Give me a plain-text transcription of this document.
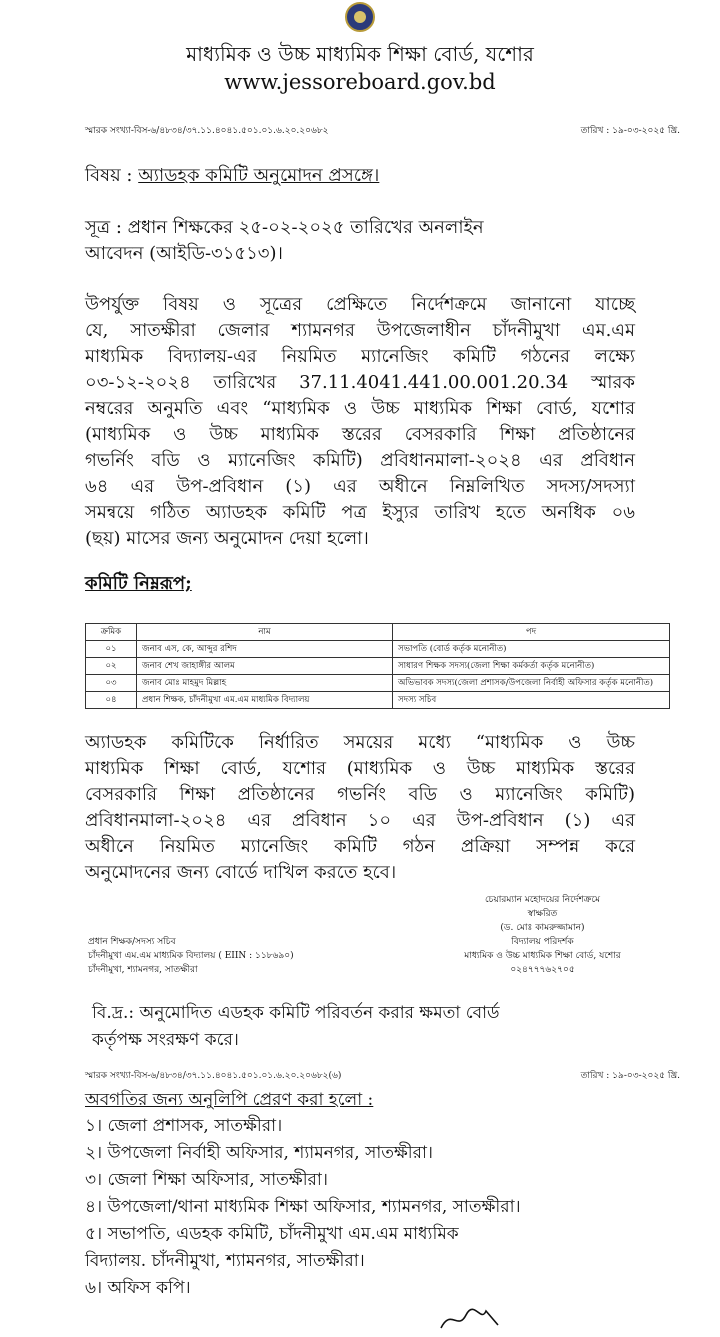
মাধ্যমিক ও উচ্চ মাধ্যমিক শিক্ষা বোর্ড, যশোর
www.jessoreboard.gov.bd
স্মারক সংখ্যা-বিস-৬/৪৮৩৪/৩৭.১১.৪০৪১.৫০১.০১.৬.২০.২০৬৮২	তারিখ : ১৯-০৩-২০২৫ খ্রি.
বিষয় : অ্যাডহক কমিটি অনুমোদন প্রসঙ্গে।
সূত্র : প্রধান শিক্ষকের ২৫-০২-২০২৫ তারিখের অনলাইন
আবেদন (আইডি-৩১৫১৩)।
উপর্যুক্ত বিষয় ও সূত্রের প্রেক্ষিতে নির্দেশক্রমে জানানো যাচ্ছে
যে, সাতক্ষীরা জেলার শ্যামনগর উপজেলাধীন চাঁদনীমুখা এম.এম
মাধ্যমিক বিদ্যালয়-এর নিয়মিত ম্যানেজিং কমিটি গঠনের লক্ষ্যে
০৩-১২-২০২৪ তারিখের 37.11.4041.441.00.001.20.34 স্মারক
নম্বরের অনুমতি এবং “মাধ্যমিক ও উচ্চ মাধ্যমিক শিক্ষা বোর্ড, যশোর
(মাধ্যমিক ও উচ্চ মাধ্যমিক স্তরের বেসরকারি শিক্ষা প্রতিষ্ঠানের
গভর্নিং বডি ও ম্যানেজিং কমিটি) প্রবিধানমালা-২০২৪ এর প্রবিধান
৬৪ এর উপ-প্রবিধান (১) এর অধীনে নিম্নলিখিত সদস্য/সদস্যা
সমন্বয়ে গঠিত অ্যাডহক কমিটি পত্র ইস্যুর তারিখ হতে অনধিক ০৬
(ছয়) মাসের জন্য অনুমোদন দেয়া হলো।
কমিটি নিম্নরূপ;
ক্রমিক	নাম	পদ
০১	জনাব এস, কে, আব্দুর রশিদ	সভাপতি (বোর্ড কর্তৃক মনোনীত)
০২	জনাব শেখ জাহাঙ্গীর আলম	সাধারণ শিক্ষক সদস্য(জেলা শিক্ষা কর্মকর্তা কর্তৃক মনোনীত)
০৩	জনাব মোঃ মাহমুদ মিল্লাহ	অভিভাবক সদস্য(জেলা প্রশাসক/উপজেলা নির্বাহী অফিসার কর্তৃক মনোনীত)
০৪	প্রধান শিক্ষক, চাঁদনীমুখা এম.এম মাধ্যমিক বিদ্যালয়	সদস্য সচিব
অ্যাডহক কমিটিকে নির্ধারিত সময়ের মধ্যে “মাধ্যমিক ও উচ্চ
মাধ্যমিক শিক্ষা বোর্ড, যশোর (মাধ্যমিক ও উচ্চ মাধ্যমিক স্তরের
বেসরকারি শিক্ষা প্রতিষ্ঠানের গভর্নিং বডি ও ম্যানেজিং কমিটি)
প্রবিধানমালা-২০২৪ এর প্রবিধান ১০ এর উপ-প্রবিধান (১) এর
অধীনে নিয়মিত ম্যানেজিং কমিটি গঠন প্রক্রিয়া সম্পন্ন করে
অনুমোদনের জন্য বোর্ডে দাখিল করতে হবে।
চেয়ারম্যান মহোদয়ের নির্দেশক্রমে
স্বাক্ষরিত
(ড. মোঃ কামরুজ্জামান)
বিদ্যালয় পরিদর্শক
মাধ্যমিক ও উচ্চ মাধ্যমিক শিক্ষা বোর্ড, যশোর
০২৪৭৭৭৬২৭০৫
প্রধান শিক্ষক/সদস্য সচিব
চাঁদনীমুখা এম.এম মাধ্যমিক বিদ্যালয় ( EIIN : ১১৮৬৯০)
চাঁদনীমুখা, শ্যামনগর, সাতক্ষীরা
বি.দ্র.: অনুমোদিত এডহক কমিটি পরিবর্তন করার ক্ষমতা বোর্ড
কর্তৃপক্ষ সংরক্ষণ করে।
স্মারক সংখ্যা-বিস-৬/৪৮৩৪/৩৭.১১.৪০৪১.৫০১.০১.৬.২০.২০৬৮২(৬)	তারিখ : ১৯-০৩-২০২৫ খ্রি.
অবগতির জন্য অনুলিপি প্রেরণ করা হলো :
১। জেলা প্রশাসক, সাতক্ষীরা।
২। উপজেলা নির্বাহী অফিসার, শ্যামনগর, সাতক্ষীরা।
৩। জেলা শিক্ষা অফিসার, সাতক্ষীরা।
৪। উপজেলা/থানা মাধ্যমিক শিক্ষা অফিসার, শ্যামনগর, সাতক্ষীরা।
৫। সভাপতি, এডহক কমিটি, চাঁদনীমুখা এম.এম মাধ্যমিক
বিদ্যালয়. চাঁদনীমুখা, শ্যামনগর, সাতক্ষীরা।
৬। অফিস কপি।
